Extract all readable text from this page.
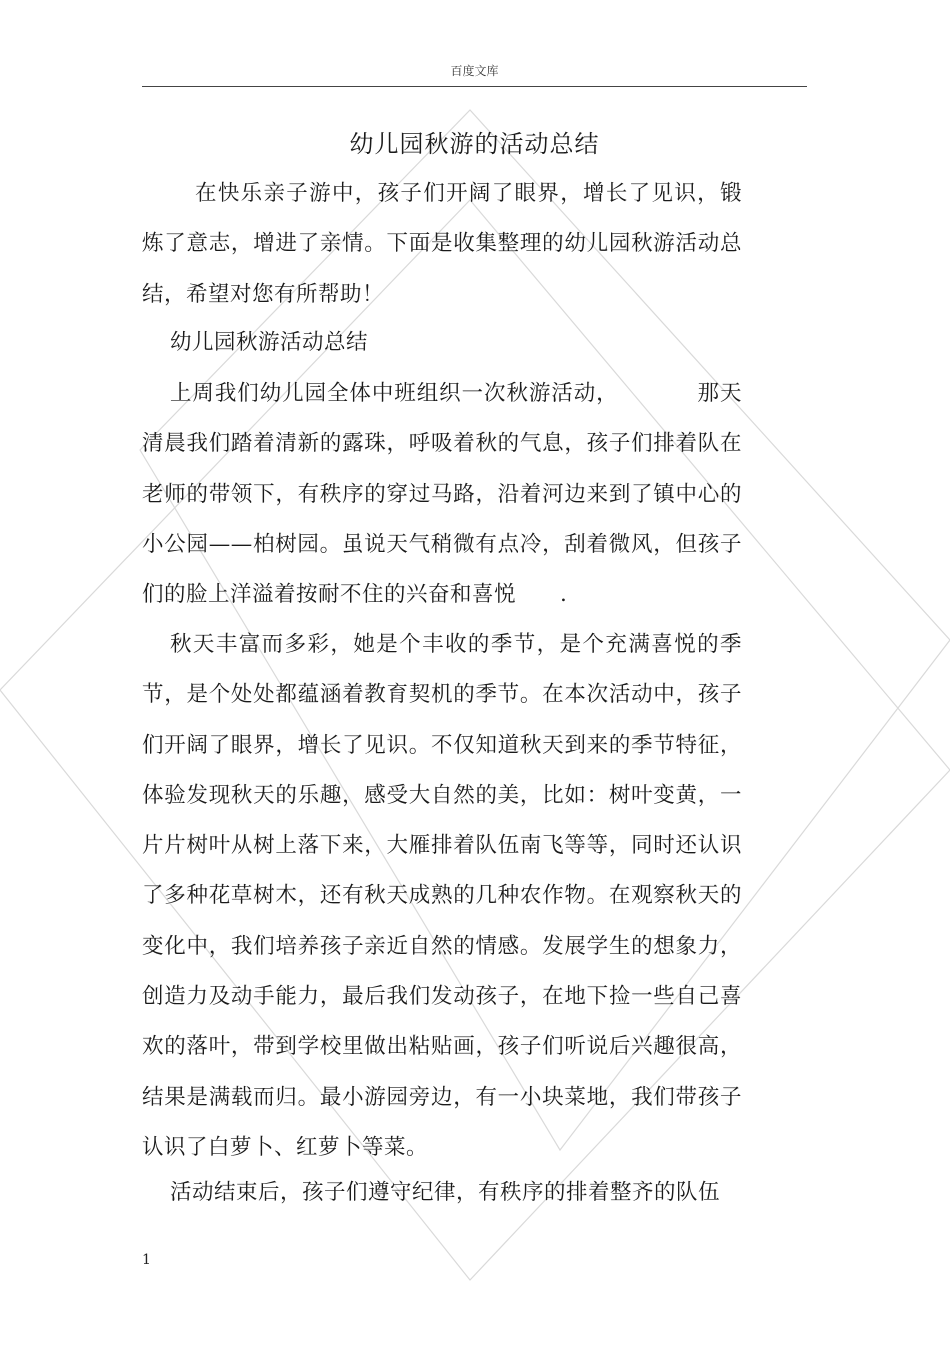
百度文库
幼儿园秋游的活动总结

在快乐亲子游中，孩子们开阔了眼界，增长了见识，锻炼了意志，增进了亲情。下面是收集整理的幼儿园秋游活动总结，希望对您有所帮助！

幼儿园秋游活动总结

上周我们幼儿园全体中班组织一次秋游活动，　　　　那天清晨我们踏着清新的露珠，呼吸着秋的气息，孩子们排着队在老师的带领下，有秩序的穿过马路，沿着河边来到了镇中心的小公园——柏树园。虽说天气稍微有点冷，刮着微风，但孩子们的脸上洋溢着按耐不住的兴奋和喜悦　　.

秋天丰富而多彩，她是个丰收的季节，是个充满喜悦的季节，是个处处都蕴涵着教育契机的季节。在本次活动中，孩子们开阔了眼界，增长了见识。不仅知道秋天到来的季节特征，体验发现秋天的乐趣，感受大自然的美，比如：树叶变黄，一片片树叶从树上落下来，大雁排着队伍南飞等等，同时还认识了多种花草树木，还有秋天成熟的几种农作物。在观察秋天的变化中，我们培养孩子亲近自然的情感。发展学生的想象力，创造力及动手能力，最后我们发动孩子，在地下捡一些自己喜欢的落叶，带到学校里做出粘贴画，孩子们听说后兴趣很高，结果是满载而归。最小游园旁边，有一小块菜地，我们带孩子认识了白萝卜、红萝卜等菜。

活动结束后，孩子们遵守纪律，有秩序的排着整齐的队伍

1
